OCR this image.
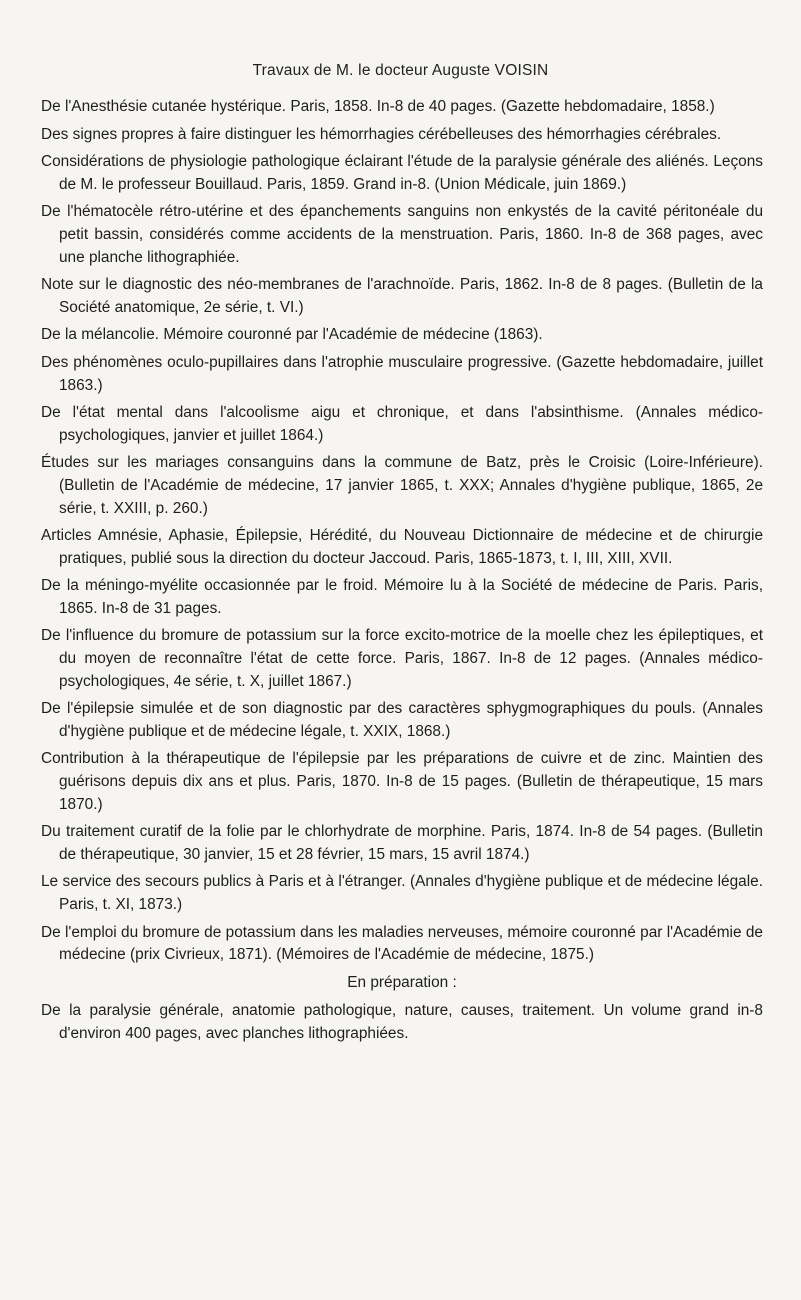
Travaux de M. le docteur Auguste VOISIN

De l'Anesthésie cutanée hystérique. Paris, 1858. In-8 de 40 pages. (Gazette hebdomadaire, 1858.)

Des signes propres à faire distinguer les hémorrhagies cérébelleuses des hémorrhagies cérébrales.

Considérations de physiologie pathologique éclairant l'étude de la paralysie générale des aliénés. Leçons de M. le professeur Bouillaud. Paris, 1859. Grand in-8. (Union Médicale, juin 1869.)

De l'hématocèle rétro-utérine et des épanchements sanguins non enkystés de la cavité péritonéale du petit bassin, considérés comme accidents de la menstruation. Paris, 1860. In-8 de 368 pages, avec une planche lithographiée.

Note sur le diagnostic des néo-membranes de l'arachnoïde. Paris, 1862. In-8 de 8 pages. (Bulletin de la Société anatomique, 2e série, t. VI.)

De la mélancolie. Mémoire couronné par l'Académie de médecine (1863).

Des phénomènes oculo-pupillaires dans l'atrophie musculaire progressive. (Gazette hebdomadaire, juillet 1863.)

De l'état mental dans l'alcoolisme aigu et chronique, et dans l'absinthisme. (Annales médico-psychologiques, janvier et juillet 1864.)

Études sur les mariages consanguins dans la commune de Batz, près le Croisic (Loire-Inférieure). (Bulletin de l'Académie de médecine, 17 janvier 1865, t. XXX; Annales d'hygiène publique, 1865, 2e série, t. XXIII, p. 260.)

Articles Amnésie, Aphasie, Épilepsie, Hérédité, du Nouveau Dictionnaire de médecine et de chirurgie pratiques, publié sous la direction du docteur Jaccoud. Paris, 1865-1873, t. I, III, XIII, XVII.

De la méningo-myélite occasionnée par le froid. Mémoire lu à la Société de médecine de Paris. Paris, 1865. In-8 de 31 pages.

De l'influence du bromure de potassium sur la force excito-motrice de la moelle chez les épileptiques, et du moyen de reconnaître l'état de cette force. Paris, 1867. In-8 de 12 pages. (Annales médico-psychologiques, 4e série, t. X, juillet 1867.)

De l'épilepsie simulée et de son diagnostic par des caractères sphygmographiques du pouls. (Annales d'hygiène publique et de médecine légale, t. XXIX, 1868.)

Contribution à la thérapeutique de l'épilepsie par les préparations de cuivre et de zinc. Maintien des guérisons depuis dix ans et plus. Paris, 1870. In-8 de 15 pages. (Bulletin de thérapeutique, 15 mars 1870.)

Du traitement curatif de la folie par le chlorhydrate de morphine. Paris, 1874. In-8 de 54 pages. (Bulletin de thérapeutique, 30 janvier, 15 et 28 février, 15 mars, 15 avril 1874.)

Le service des secours publics à Paris et à l'étranger. (Annales d'hygiène publique et de médecine légale. Paris, t. XI, 1873.)

De l'emploi du bromure de potassium dans les maladies nerveuses, mémoire couronné par l'Académie de médecine (prix Civrieux, 1871). (Mémoires de l'Académie de médecine, 1875.)

En préparation :

De la paralysie générale, anatomie pathologique, nature, causes, traitement. Un volume grand in-8 d'environ 400 pages, avec planches lithographiées.
